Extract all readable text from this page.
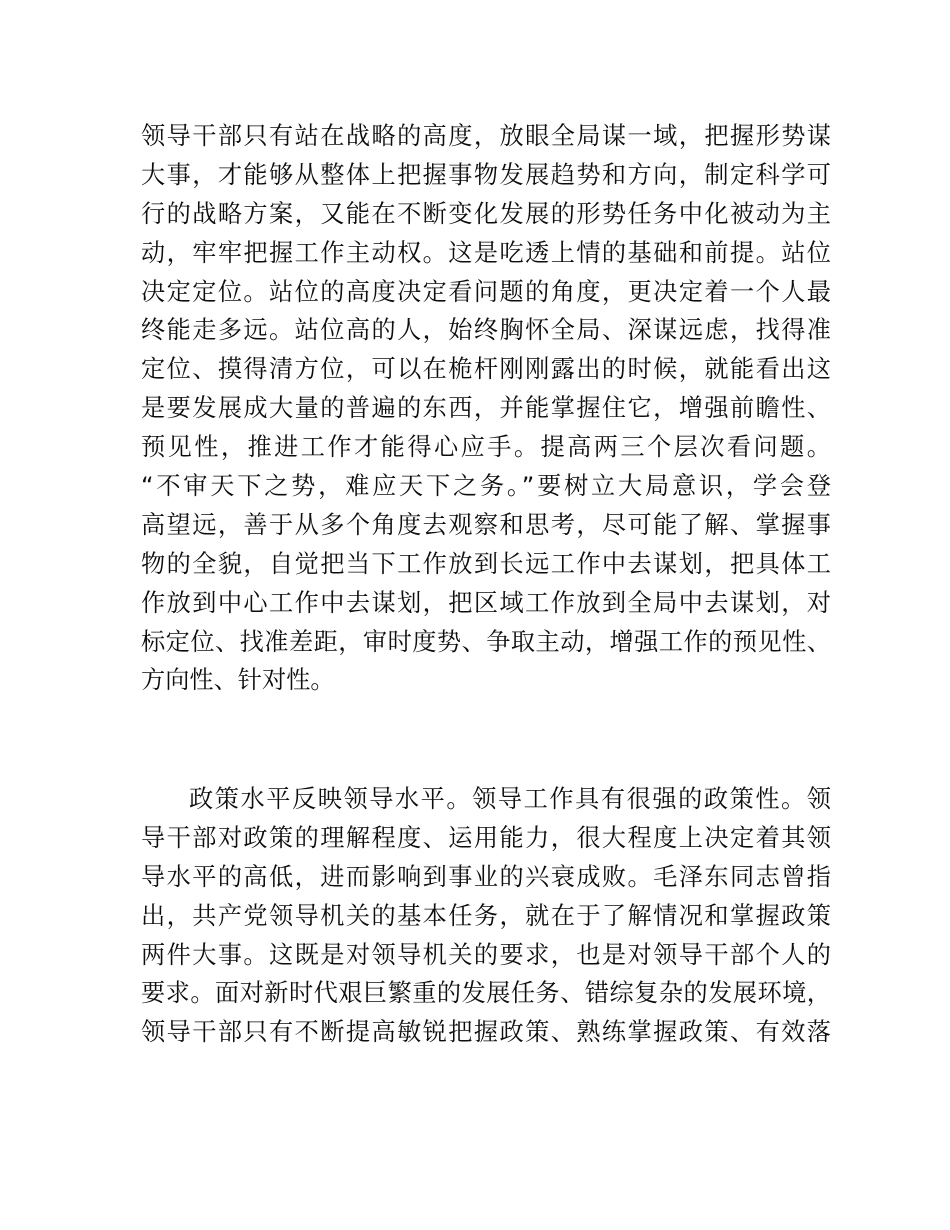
领导干部只有站在战略的高度，放眼全局谋一域，把握形势谋
大事，才能够从整体上把握事物发展趋势和方向，制定科学可
行的战略方案，又能在不断变化发展的形势任务中化被动为主
动，牢牢把握工作主动权。这是吃透上情的基础和前提。站位
决定定位。站位的高度决定看问题的角度，更决定着一个人最
终能走多远。站位高的人，始终胸怀全局、深谋远虑，找得准
定位、摸得清方位，可以在桅杆刚刚露出的时候，就能看出这
是要发展成大量的普遍的东西，并能掌握住它，增强前瞻性、
预见性，推进工作才能得心应手。提高两三个层次看问题。
“不审天下之势，难应天下之务。”要树立大局意识，学会登
高望远，善于从多个角度去观察和思考，尽可能了解、掌握事
物的全貌，自觉把当下工作放到长远工作中去谋划，把具体工
作放到中心工作中去谋划，把区域工作放到全局中去谋划，对
标定位、找准差距，审时度势、争取主动，增强工作的预见性、
方向性、针对性。
政策水平反映领导水平。领导工作具有很强的政策性。领
导干部对政策的理解程度、运用能力，很大程度上决定着其领
导水平的高低，进而影响到事业的兴衰成败。毛泽东同志曾指
出，共产党领导机关的基本任务，就在于了解情况和掌握政策
两件大事。这既是对领导机关的要求，也是对领导干部个人的
要求。面对新时代艰巨繁重的发展任务、错综复杂的发展环境，
领导干部只有不断提高敏锐把握政策、熟练掌握政策、有效落
